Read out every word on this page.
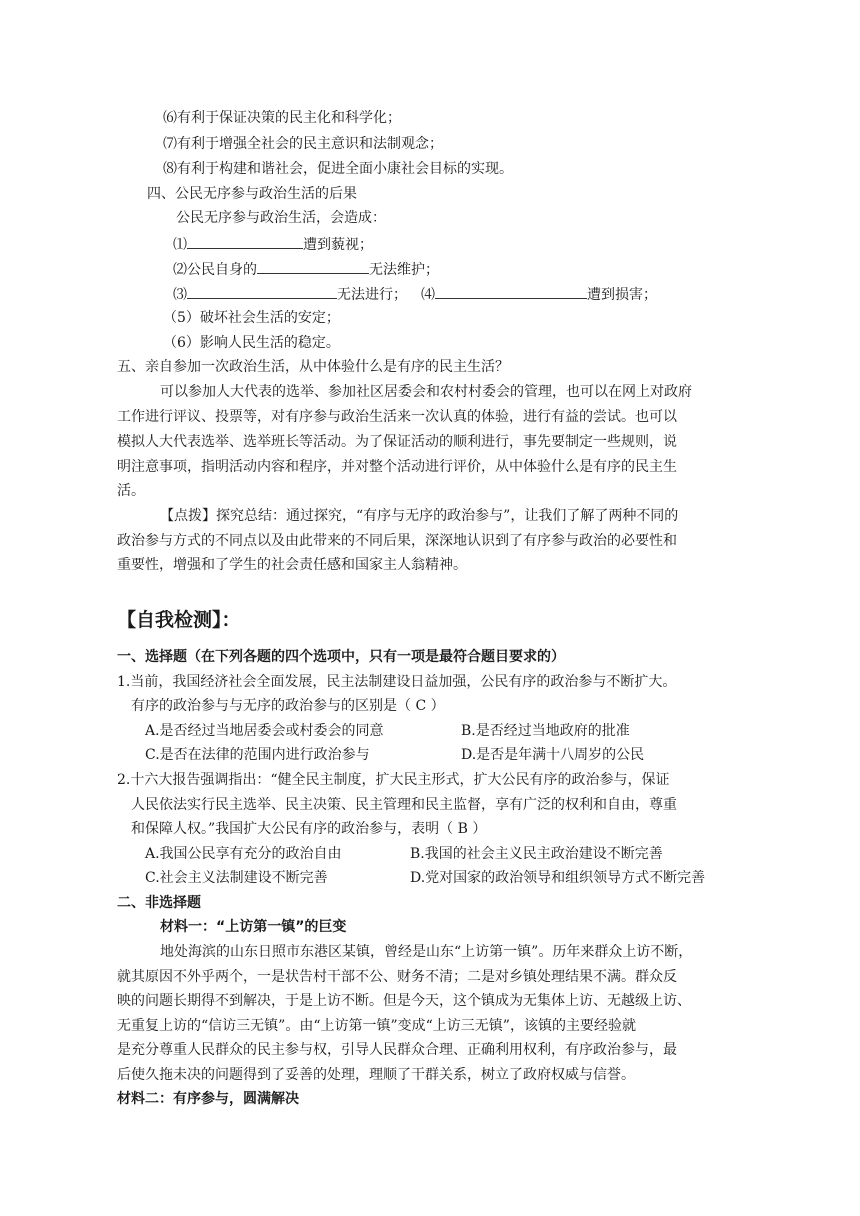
⑹有利于保证决策的民主化和科学化；
⑺有利于增强全社会的民主意识和法制观念；
⑻有利于构建和谐社会，促进全面小康社会目标的实现。
四、公民无序参与政治生活的后果
公民无序参与政治生活，会造成：
⑴	遭到藐视；
⑵公民自身的	无法维护；
⑶	无法进行； ⑷	遭到损害；
（5）破坏社会生活的安定；
（6）影响人民生活的稳定。
五、亲自参加一次政治生活，从中体验什么是有序的民主生活？
可以参加人大代表的选举、参加社区居委会和农村村委会的管理，也可以在网上对政府
工作进行评议、投票等，对有序参与政治生活来一次认真的体验，进行有益的尝试。也可以
模拟人大代表选举、选举班长等活动。为了保证活动的顺利进行，事先要制定一些规则，说
明注意事项，指明活动内容和程序，并对整个活动进行评价，从中体验什么是有序的民主生
活。
【点拨】探究总结：通过探究，“有序与无序的政治参与”，让我们了解了两种不同的
政治参与方式的不同点以及由此带来的不同后果，深深地认识到了有序参与政治的必要性和
重要性，增强和了学生的社会责任感和国家主人翁精神。
【自我检测】：
一、选择题（在下列各题的四个选项中，只有一项是最符合题目要求的）
1.当前，我国经济社会全面发展，民主法制建设日益加强，公民有序的政治参与不断扩大。
有序的政治参与与无序的政治参与的区别是（ C ）
A.是否经过当地居委会或村委会的同意	B.是否经过当地政府的批准
C.是否在法律的范围内进行政治参与	D.是否是年满十八周岁的公民
2.十六大报告强调指出：“健全民主制度，扩大民主形式，扩大公民有序的政治参与，保证
人民依法实行民主选举、民主决策、民主管理和民主监督，享有广泛的权利和自由，尊重
和保障人权。”我国扩大公民有序的政治参与，表明（ B ）
A.我国公民享有充分的政治自由	B.我国的社会主义民主政治建设不断完善
C.社会主义法制建设不断完善	D.党对国家的政治领导和组织领导方式不断完善
二、非选择题
材料一：“上访第一镇”的巨变
地处海滨的山东日照市东港区某镇，曾经是山东“上访第一镇”。历年来群众上访不断，
就其原因不外乎两个，一是状告村干部不公、财务不清；二是对乡镇处理结果不满。群众反
映的问题长期得不到解决，于是上访不断。但是今天，这个镇成为无集体上访、无越级上访、
无重复上访的“信访三无镇”。由“上访第一镇”变成“上访三无镇”，该镇的主要经验就
是充分尊重人民群众的民主参与权，引导人民群众合理、正确利用权利，有序政治参与，最
后使久拖未决的问题得到了妥善的处理，理顺了干群关系，树立了政府权威与信誉。
材料二：有序参与，圆满解决
